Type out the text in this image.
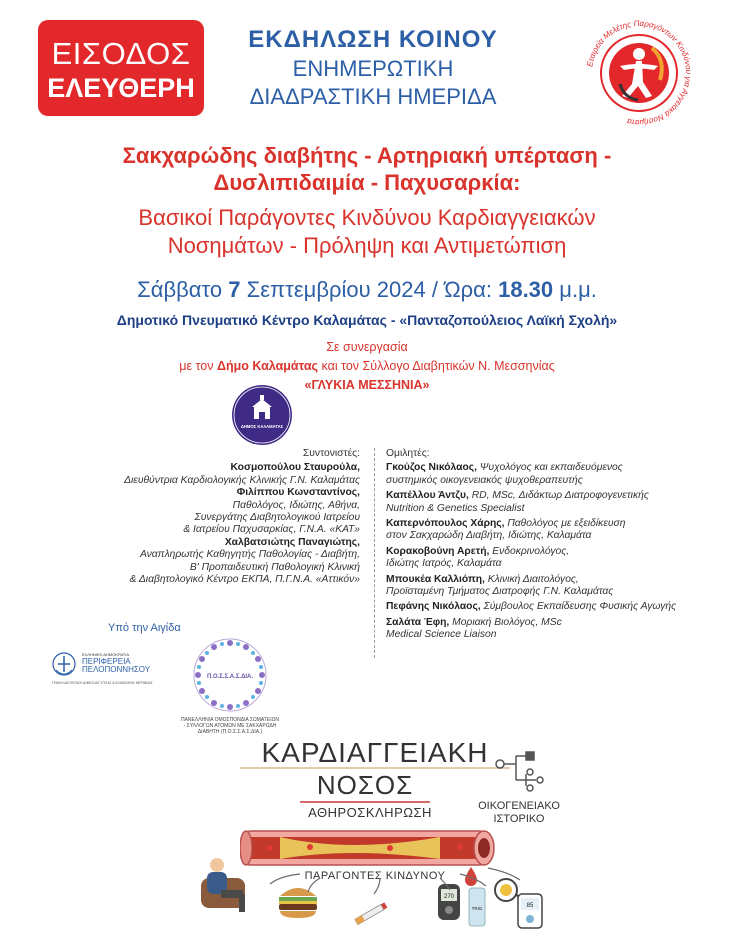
ΕΙΣΟΔΟΣ
ΕΛΕΥΘΕΡΗ
ΕΚΔΗΛΩΣΗ ΚΟΙΝΟΥ
ΕΝΗΜΕΡΩΤΙΚΗ
ΔΙΑΔΡΑΣΤΙΚΗ ΗΜΕΡΙΔΑ
Εταιρεία Μελέτης Παραγόντων Κινδύνου για Αγγειακά Νοσήματα
Σακχαρώδης διαβήτης - Αρτηριακή υπέρταση -
Δυσλιπιδαιμία - Παχυσαρκία:
Βασικοί Παράγοντες Κινδύνου Καρδιαγγειακών
Νοσημάτων - Πρόληψη και Αντιμετώπιση
Σάββατο 7 Σεπτεμβρίου 2024 / Ώρα: 18.30 μ.μ.
Δημοτικό Πνευματικό Κέντρο Καλαμάτας - «Πανταζοπούλειος Λαϊκή Σχολή»
Σε συνεργασία
με τον Δήμο Καλαμάτας και τον Σύλλογο Διαβητικών Ν. Μεσσηνίας
«ΓΛΥΚΙΑ ΜΕΣΣΗΝΙΑ»
ΔΗΜΟΣ ΚΑΛΑΜΑΤΑΣ
Συντονιστές:
Κοσμοπούλου Σταυρούλα,
Διευθύντρια Καρδιολογικής Κλινικής Γ.Ν. Καλαμάτας
Φιλίππου Κωνσταντίνος,
Παθολόγος, Ιδιώτης, Αθήνα,
Συνεργάτης Διαβητολογικού Ιατρείου
& Ιατρείου Παχυσαρκίας, Γ.Ν.Α. «ΚΑΤ»
Χαλβατσιώτης Παναγιώτης,
Αναπληρωτής Καθηγητής Παθολογίας - Διαβήτη,
Β' Προπαιδευτική Παθολογική Κλινική
& Διαβητολογικό Κέντρο ΕΚΠΑ, Π.Γ.Ν.Α. «Αττικόν»
Ομιλητές:
Γκούζος Νικόλαος, Ψυχολόγος και εκπαιδευόμενος
συστημικός οικογενειακός ψυχοθεραπευτής
Καπέλλου Άντζυ, RD, MSc, Διδάκτωρ Διατροφογενετικής
Nutrition & Genetics Specialist
Καπερνόπουλος Χάρης, Παθολόγος με εξειδίκευση
στον Σακχαρώδη Διαβήτη, Ιδιώτης, Καλαμάτα
Κορακοβούνη Αρετή, Ενδοκρινολόγος,
Ιδιώτης Ιατρός, Καλαμάτα
Μπουκέα Καλλιόπη, Κλινική Διαιτολόγος,
Προϊσταμένη Τμήματος Διατροφής Γ.Ν. Καλαμάτας
Πεφάνης Νικόλαος, Σύμβουλος Εκπαίδευσης Φυσικής Αγωγής
Σαλάτα Έφη, Μοριακή Βιολόγος, MSc
Medical Science Liaison
Υπό την Αιγίδα
ΕΛΛΗΝΙΚΗ ΔΗΜΟΚΡΑΤΙΑ
ΠΕΡΙΦΕΡΕΙΑ
ΠΕΛΟΠΟΝΝΗΣΟΥ
ΓΕΝΙΚΗ ΔΙΕΥΘΥΝΣΗ ΔΗΜΟΣΙΑΣ ΥΓΕΙΑΣ & ΚΟΙΝΩΝΙΚΗΣ ΜΕΡΙΜΝΑΣ
Π.Ο.Σ.Σ.Α.Σ.ΔΙΑ.
ΠΑΝΕΛΛΗΝΙΑ ΟΜΟΣΠΟΝΔΙΑ ΣΩΜΑΤΕΙΩΝ - ΣΥΛΛΟΓΩΝ ΑΤΟΜΩΝ ΜΕ ΣΑΚΧΑΡΩΔΗ ΔΙΑΒΗΤΗ (Π.Ο.Σ.Σ.Α.Σ.ΔΙΑ.)
ΚΑΡΔΙΑΓΓΕΙΑΚΗ
ΝΟΣΟΣ
ΑΘΗΡΟΣΚΛΗΡΩΣΗ	ΟΙΚΟΓΕΝΕΙΑΚΟ
ΙΣΤΟΡΙΚΟ
ΠΑΡΑΓΟΝΤΕΣ ΚΙΝΔΥΝΟΥ
270
TRIG	85
